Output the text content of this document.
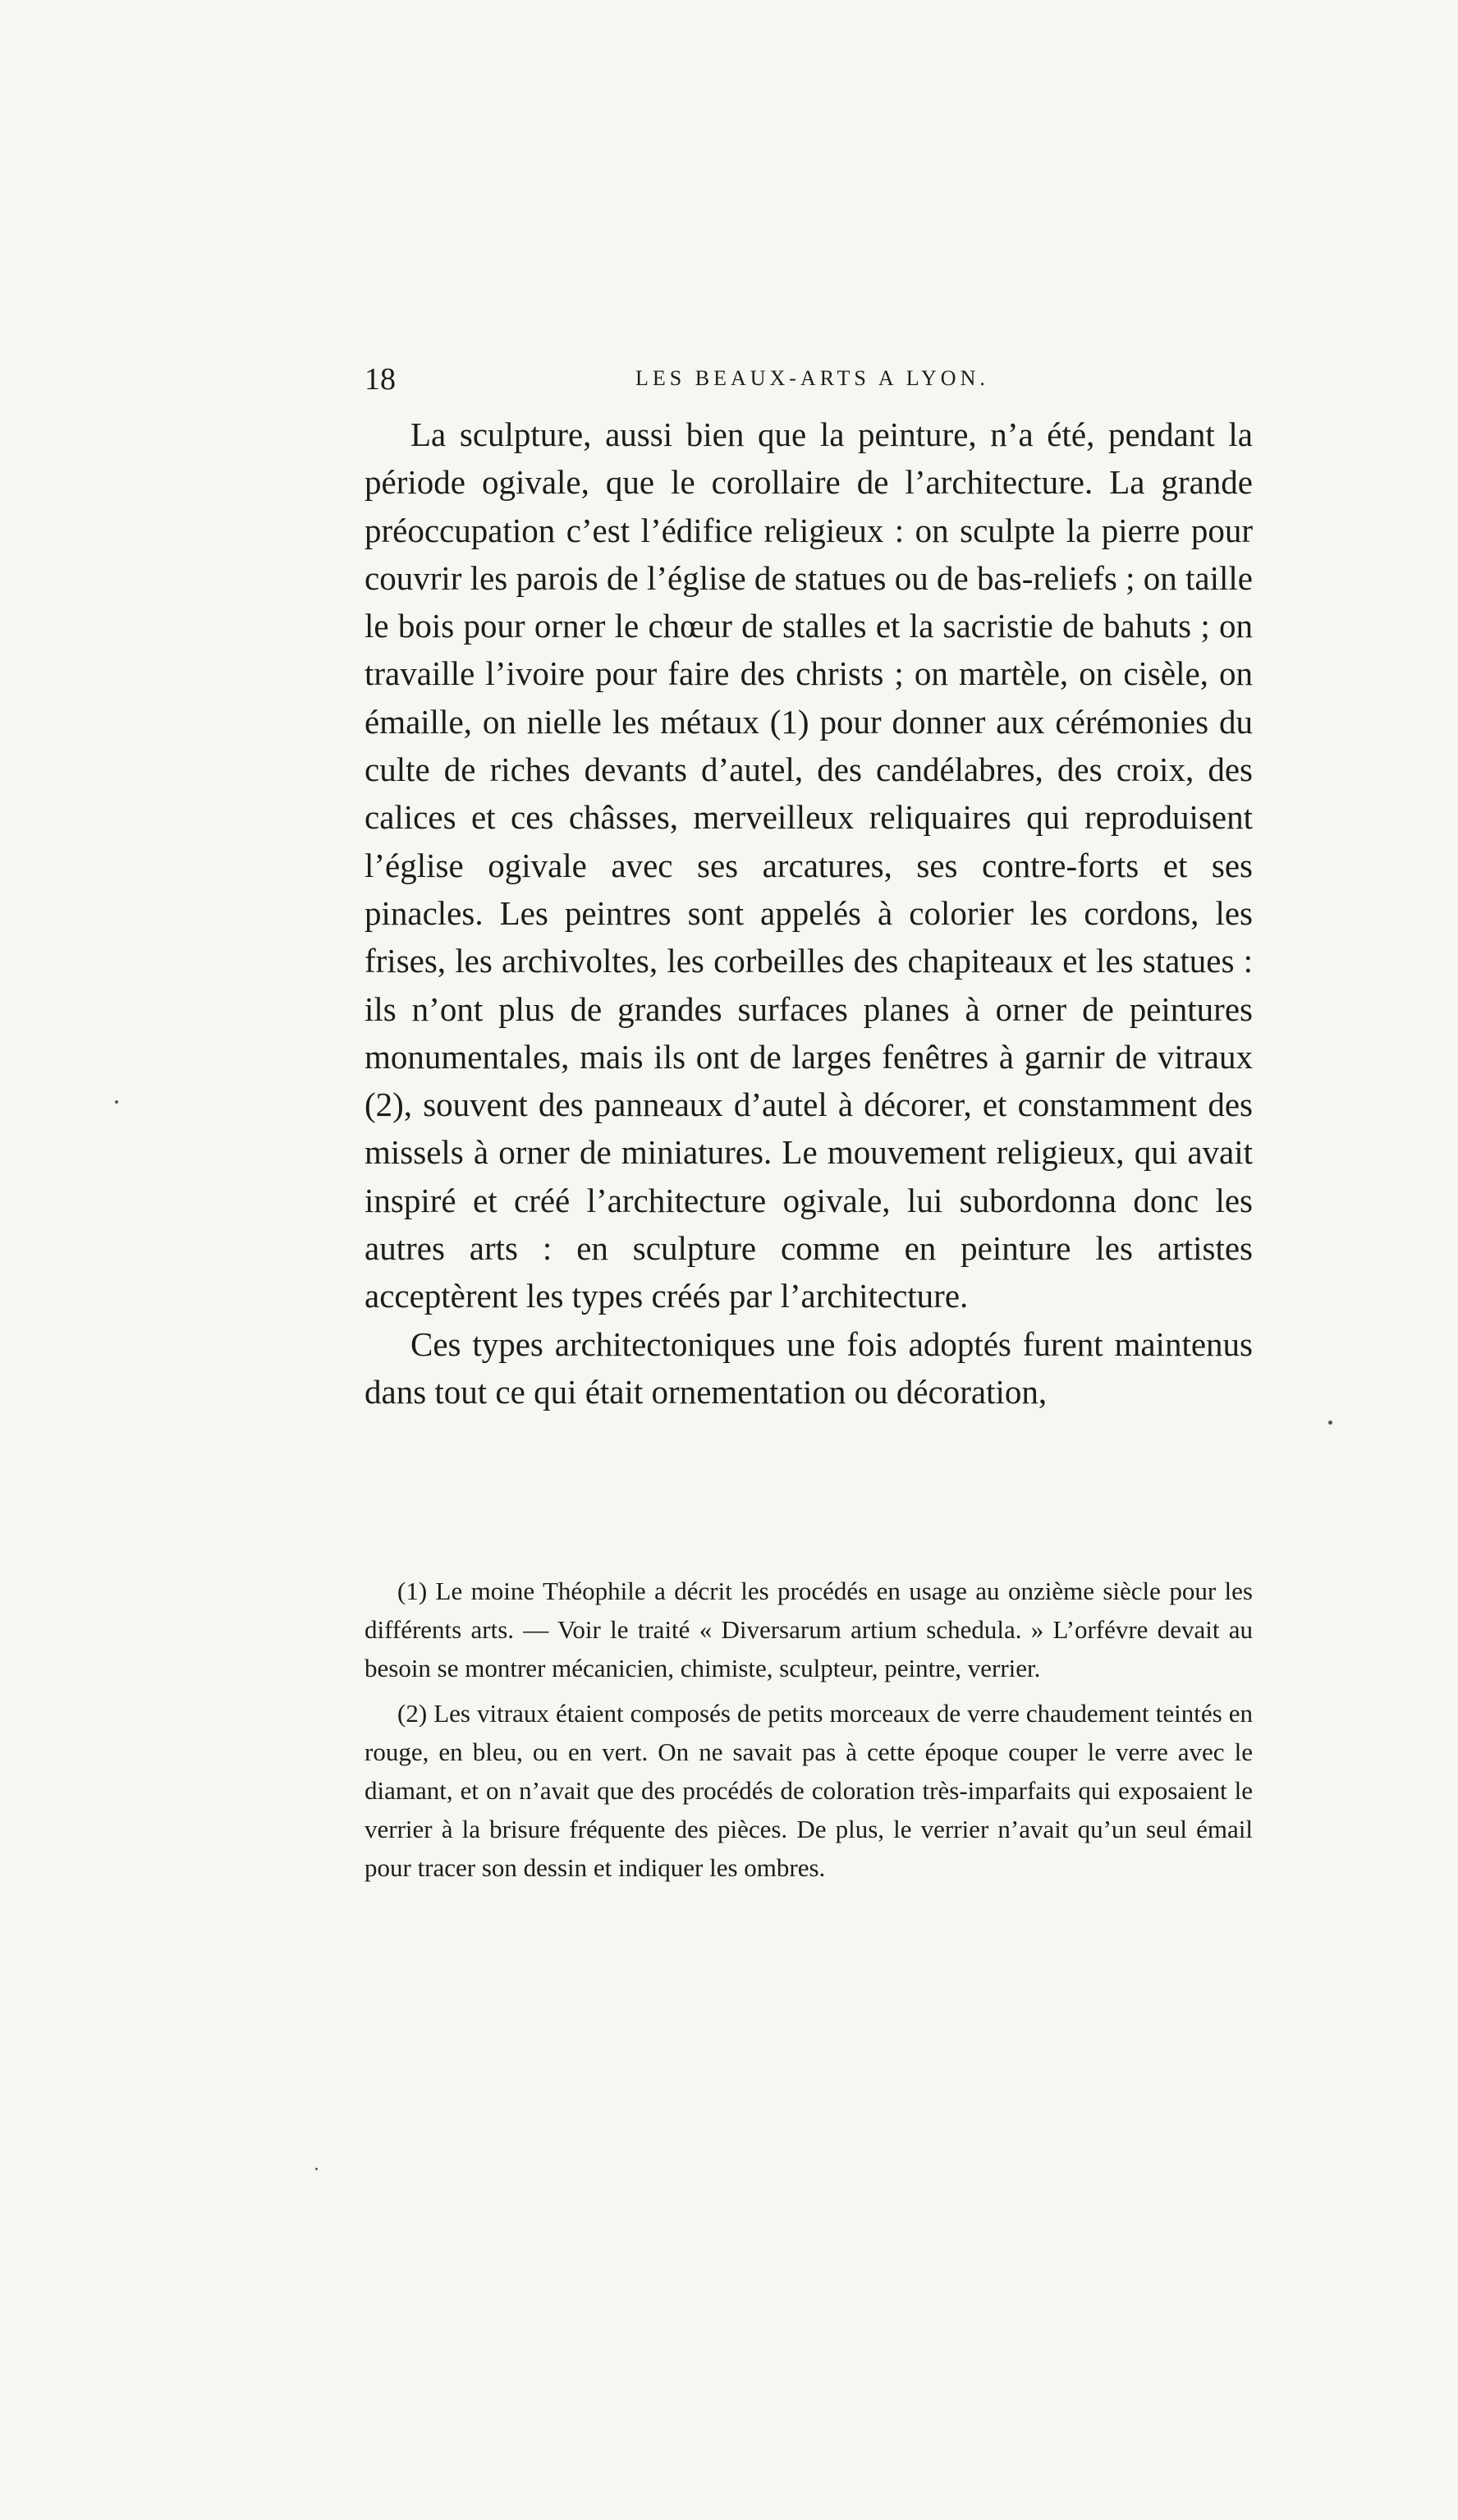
18	LES BEAUX-ARTS A LYON.

La sculpture, aussi bien que la peinture, n’a été, pendant la période ogivale, que le corollaire de l’architecture. La grande préoccupation c’est l’édifice religieux : on sculpte la pierre pour couvrir les parois de l’église de statues ou de bas-reliefs ; on taille le bois pour orner le chœur de stalles et la sacristie de bahuts ; on travaille l’ivoire pour faire des christs ; on martèle, on cisèle, on émaille, on nielle les métaux (1) pour donner aux cérémonies du culte de riches devants d’autel, des candélabres, des croix, des calices et ces châsses, merveilleux reliquaires qui reproduisent l’église ogivale avec ses arcatures, ses contre-forts et ses pinacles. Les peintres sont appelés à colorier les cordons, les frises, les archivoltes, les corbeilles des chapiteaux et les statues : ils n’ont plus de grandes surfaces planes à orner de peintures monumentales, mais ils ont de larges fenêtres à garnir de vitraux (2), souvent des panneaux d’autel à décorer, et constamment des missels à orner de miniatures. Le mouvement religieux, qui avait inspiré et créé l’architecture ogivale, lui subordonna donc les autres arts : en sculpture comme en peinture les artistes acceptèrent les types créés par l’architecture.

Ces types architectoniques une fois adoptés furent maintenus dans tout ce qui était ornementation ou décoration,

(1) Le moine Théophile a décrit les procédés en usage au onzième siècle pour les différents arts. — Voir le traité « Diversarum artium schedula. » L’orfévre devait au besoin se montrer mécanicien, chimiste, sculpteur, peintre, verrier.

(2) Les vitraux étaient composés de petits morceaux de verre chaudement teintés en rouge, en bleu, ou en vert. On ne savait pas à cette époque couper le verre avec le diamant, et on n’avait que des procédés de coloration très-imparfaits qui exposaient le verrier à la brisure fréquente des pièces. De plus, le verrier n’avait qu’un seul émail pour tracer son dessin et indiquer les ombres.
